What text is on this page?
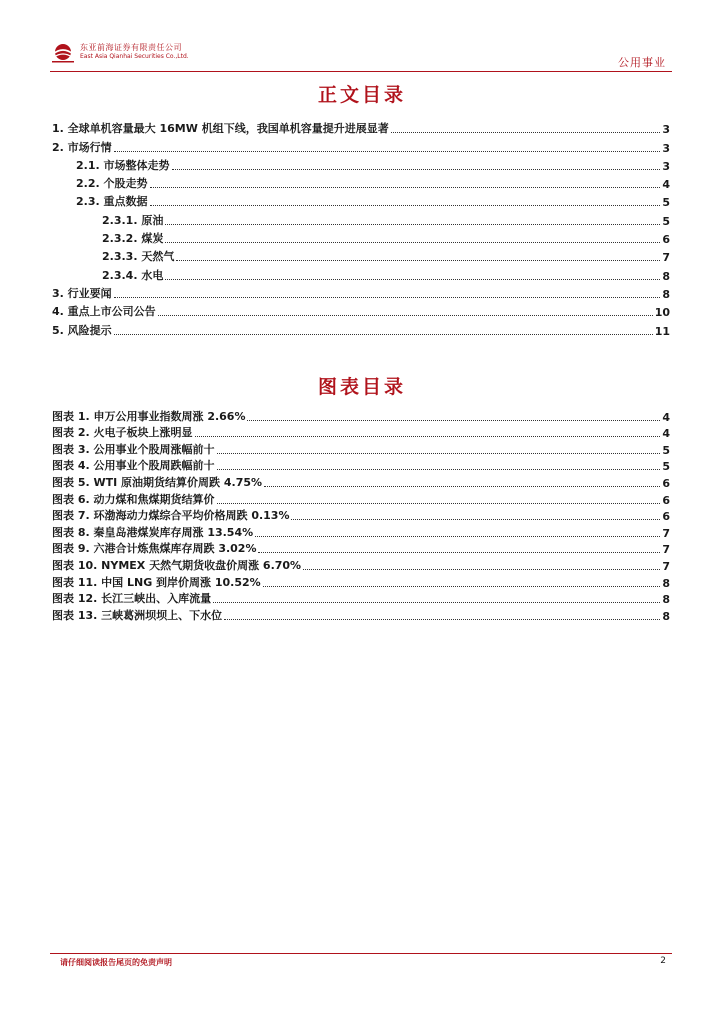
东亚前海证券有限责任公司
East Asia Qianhai Securities Co.,Ltd.	公用事业
正文目录
1. 全球单机容量最大 16MW 机组下线，我国单机容量提升进展显著	3
2. 市场行情	3
2.1. 市场整体走势	3
2.2. 个股走势	4
2.3. 重点数据	5
2.3.1. 原油	5
2.3.2. 煤炭	6
2.3.3. 天然气	7
2.3.4. 水电	8
3. 行业要闻	8
4. 重点上市公司公告	10
5. 风险提示	11
图表目录
图表 1. 申万公用事业指数周涨 2.66%	4
图表 2. 火电子板块上涨明显	4
图表 3. 公用事业个股周涨幅前十	5
图表 4. 公用事业个股周跌幅前十	5
图表 5. WTI 原油期货结算价周跌 4.75%	6
图表 6. 动力煤和焦煤期货结算价	6
图表 7. 环渤海动力煤综合平均价格周跌 0.13%	6
图表 8. 秦皇岛港煤炭库存周涨 13.54%	7
图表 9. 六港合计炼焦煤库存周跌 3.02%	7
图表 10. NYMEX 天然气期货收盘价周涨 6.70%	7
图表 11. 中国 LNG 到岸价周涨 10.52%	8
图表 12. 长江三峡出、入库流量	8
图表 13. 三峡葛洲坝坝上、下水位	8
请仔细阅读报告尾页的免责声明	2
